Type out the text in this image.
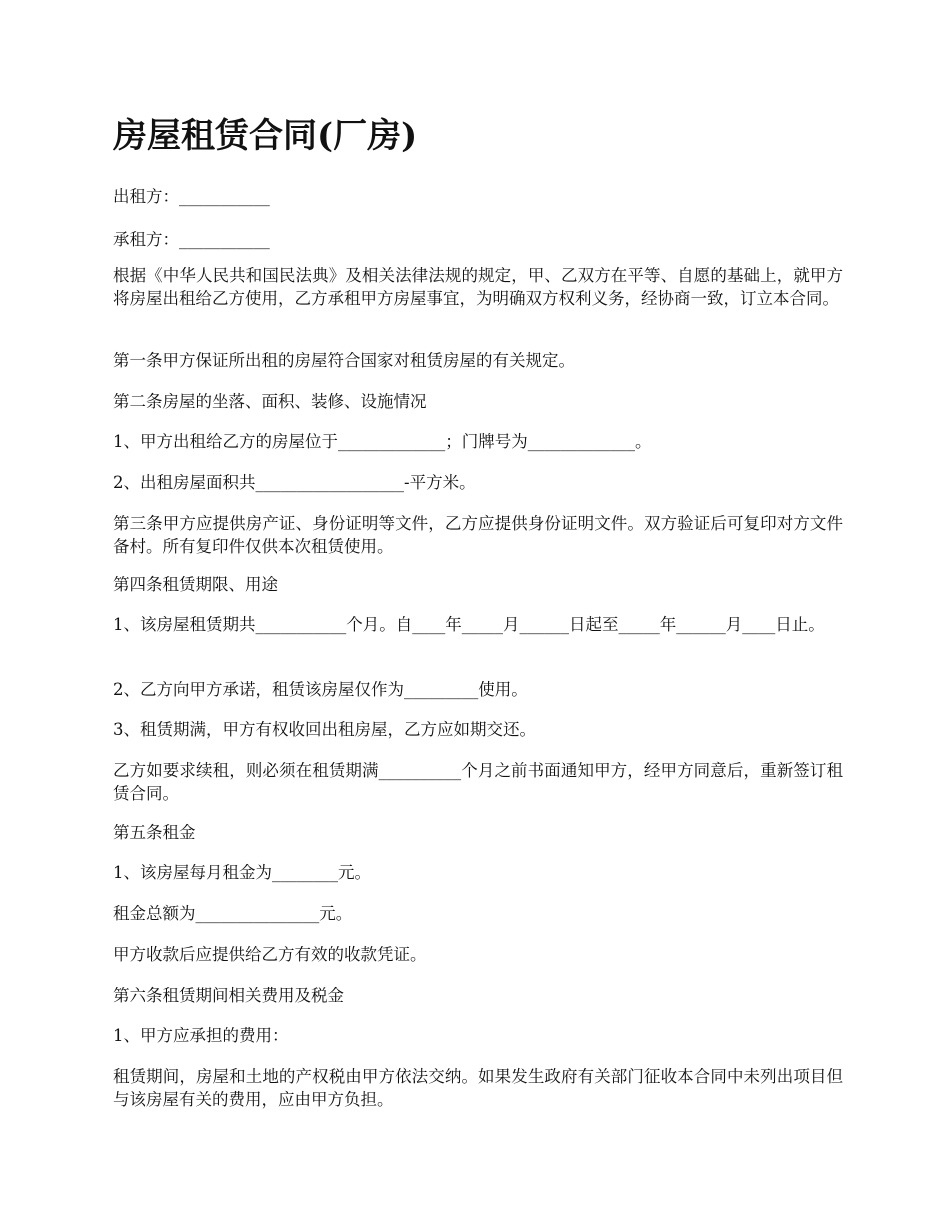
房屋租赁合同(厂房)

出租方：___________

承租方：___________

根据《中华人民共和国民法典》及相关法律法规的规定，甲、乙双方在平等、自愿的基础上，就甲方将房屋出租给乙方使用，乙方承租甲方房屋事宜，为明确双方权利义务，经协商一致，订立本合同。

第一条甲方保证所出租的房屋符合国家对租赁房屋的有关规定。

第二条房屋的坐落、面积、装修、设施情况

1、甲方出租给乙方的房屋位于_____________；门牌号为_____________。

2、出租房屋面积共__________________-平方米。

第三条甲方应提供房产证、身份证明等文件，乙方应提供身份证明文件。双方验证后可复印对方文件备村。所有复印件仅供本次租赁使用。

第四条租赁期限、用途

1、该房屋租赁期共___________个月。自____年_____月______日起至_____年______月____日止。

2、乙方向甲方承诺，租赁该房屋仅作为_________使用。

3、租赁期满，甲方有权收回出租房屋，乙方应如期交还。

乙方如要求续租，则必须在租赁期满__________个月之前书面通知甲方，经甲方同意后，重新签订租赁合同。

第五条租金

1、该房屋每月租金为________元。

租金总额为_______________元。

甲方收款后应提供给乙方有效的收款凭证。

第六条租赁期间相关费用及税金

1、甲方应承担的费用：

租赁期间，房屋和土地的产权税由甲方依法交纳。如果发生政府有关部门征收本合同中未列出项目但与该房屋有关的费用，应由甲方负担。
